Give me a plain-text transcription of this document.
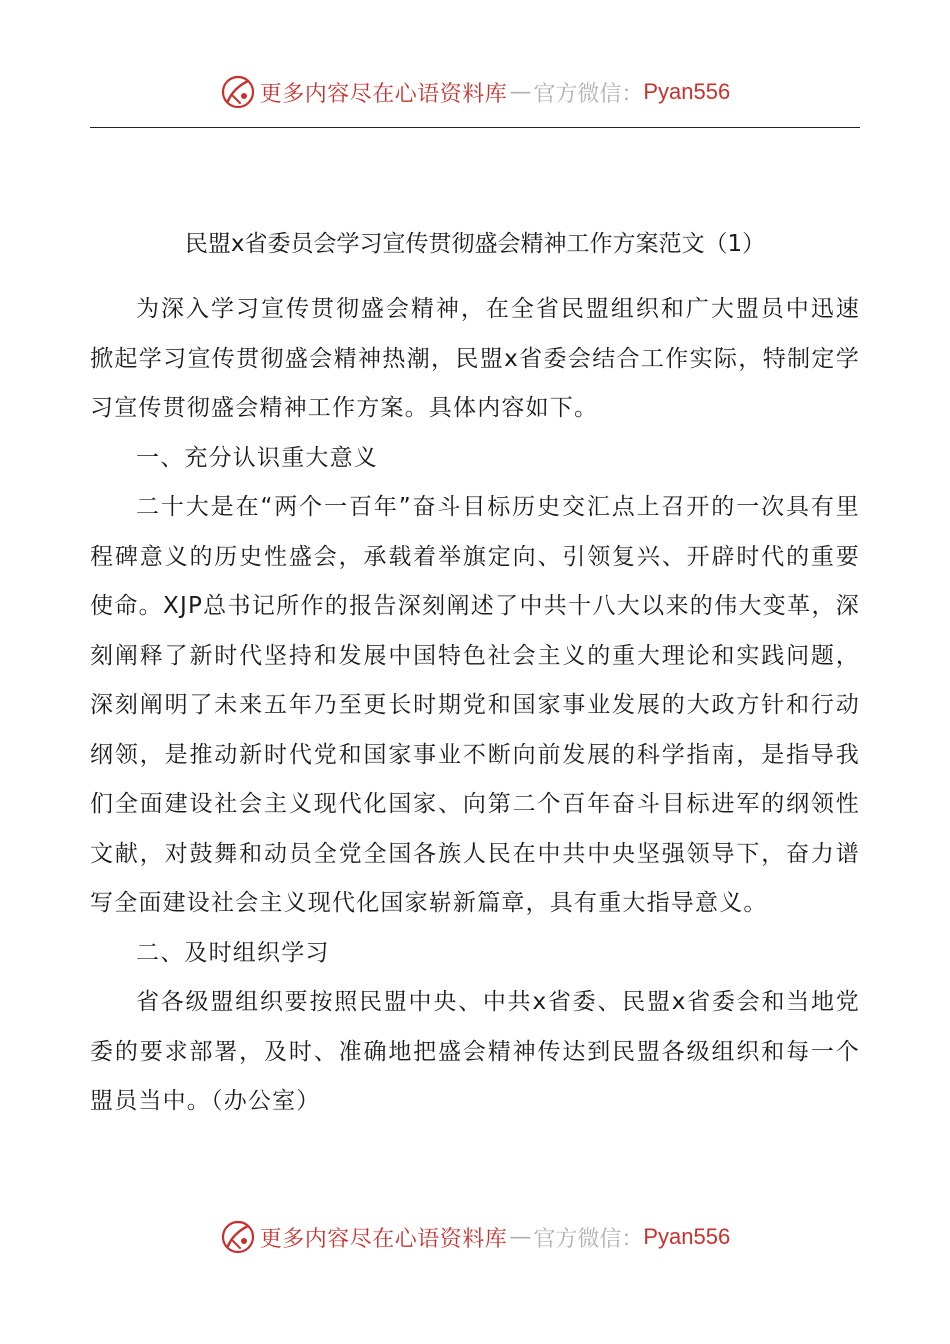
更多内容尽在心语资料库 — 官方微信： Pyan556
民盟x省委员会学习宣传贯彻盛会精神工作方案范文（1）

为深入学习宣传贯彻盛会精神，在全省民盟组织和广大盟员中迅速掀起学习宣传贯彻盛会精神热潮，民盟x省委会结合工作实际，特制定学习宣传贯彻盛会精神工作方案。具体内容如下。

一、充分认识重大意义

二十大是在“两个一百年”奋斗目标历史交汇点上召开的一次具有里程碑意义的历史性盛会，承载着举旗定向、引领复兴、开辟时代的重要使命。XJP总书记所作的报告深刻阐述了中共十八大以来的伟大变革，深刻阐释了新时代坚持和发展中国特色社会主义的重大理论和实践问题，深刻阐明了未来五年乃至更长时期党和国家事业发展的大政方针和行动纲领，是推动新时代党和国家事业不断向前发展的科学指南，是指导我们全面建设社会主义现代化国家、向第二个百年奋斗目标进军的纲领性文献，对鼓舞和动员全党全国各族人民在中共中央坚强领导下，奋力谱写全面建设社会主义现代化国家崭新篇章，具有重大指导意义。

二、及时组织学习

省各级盟组织要按照民盟中央、中共x省委、民盟x省委会和当地党委的要求部署，及时、准确地把盛会精神传达到民盟各级组织和每一个盟员当中。（办公室）

更多内容尽在心语资料库 — 官方微信： Pyan556
